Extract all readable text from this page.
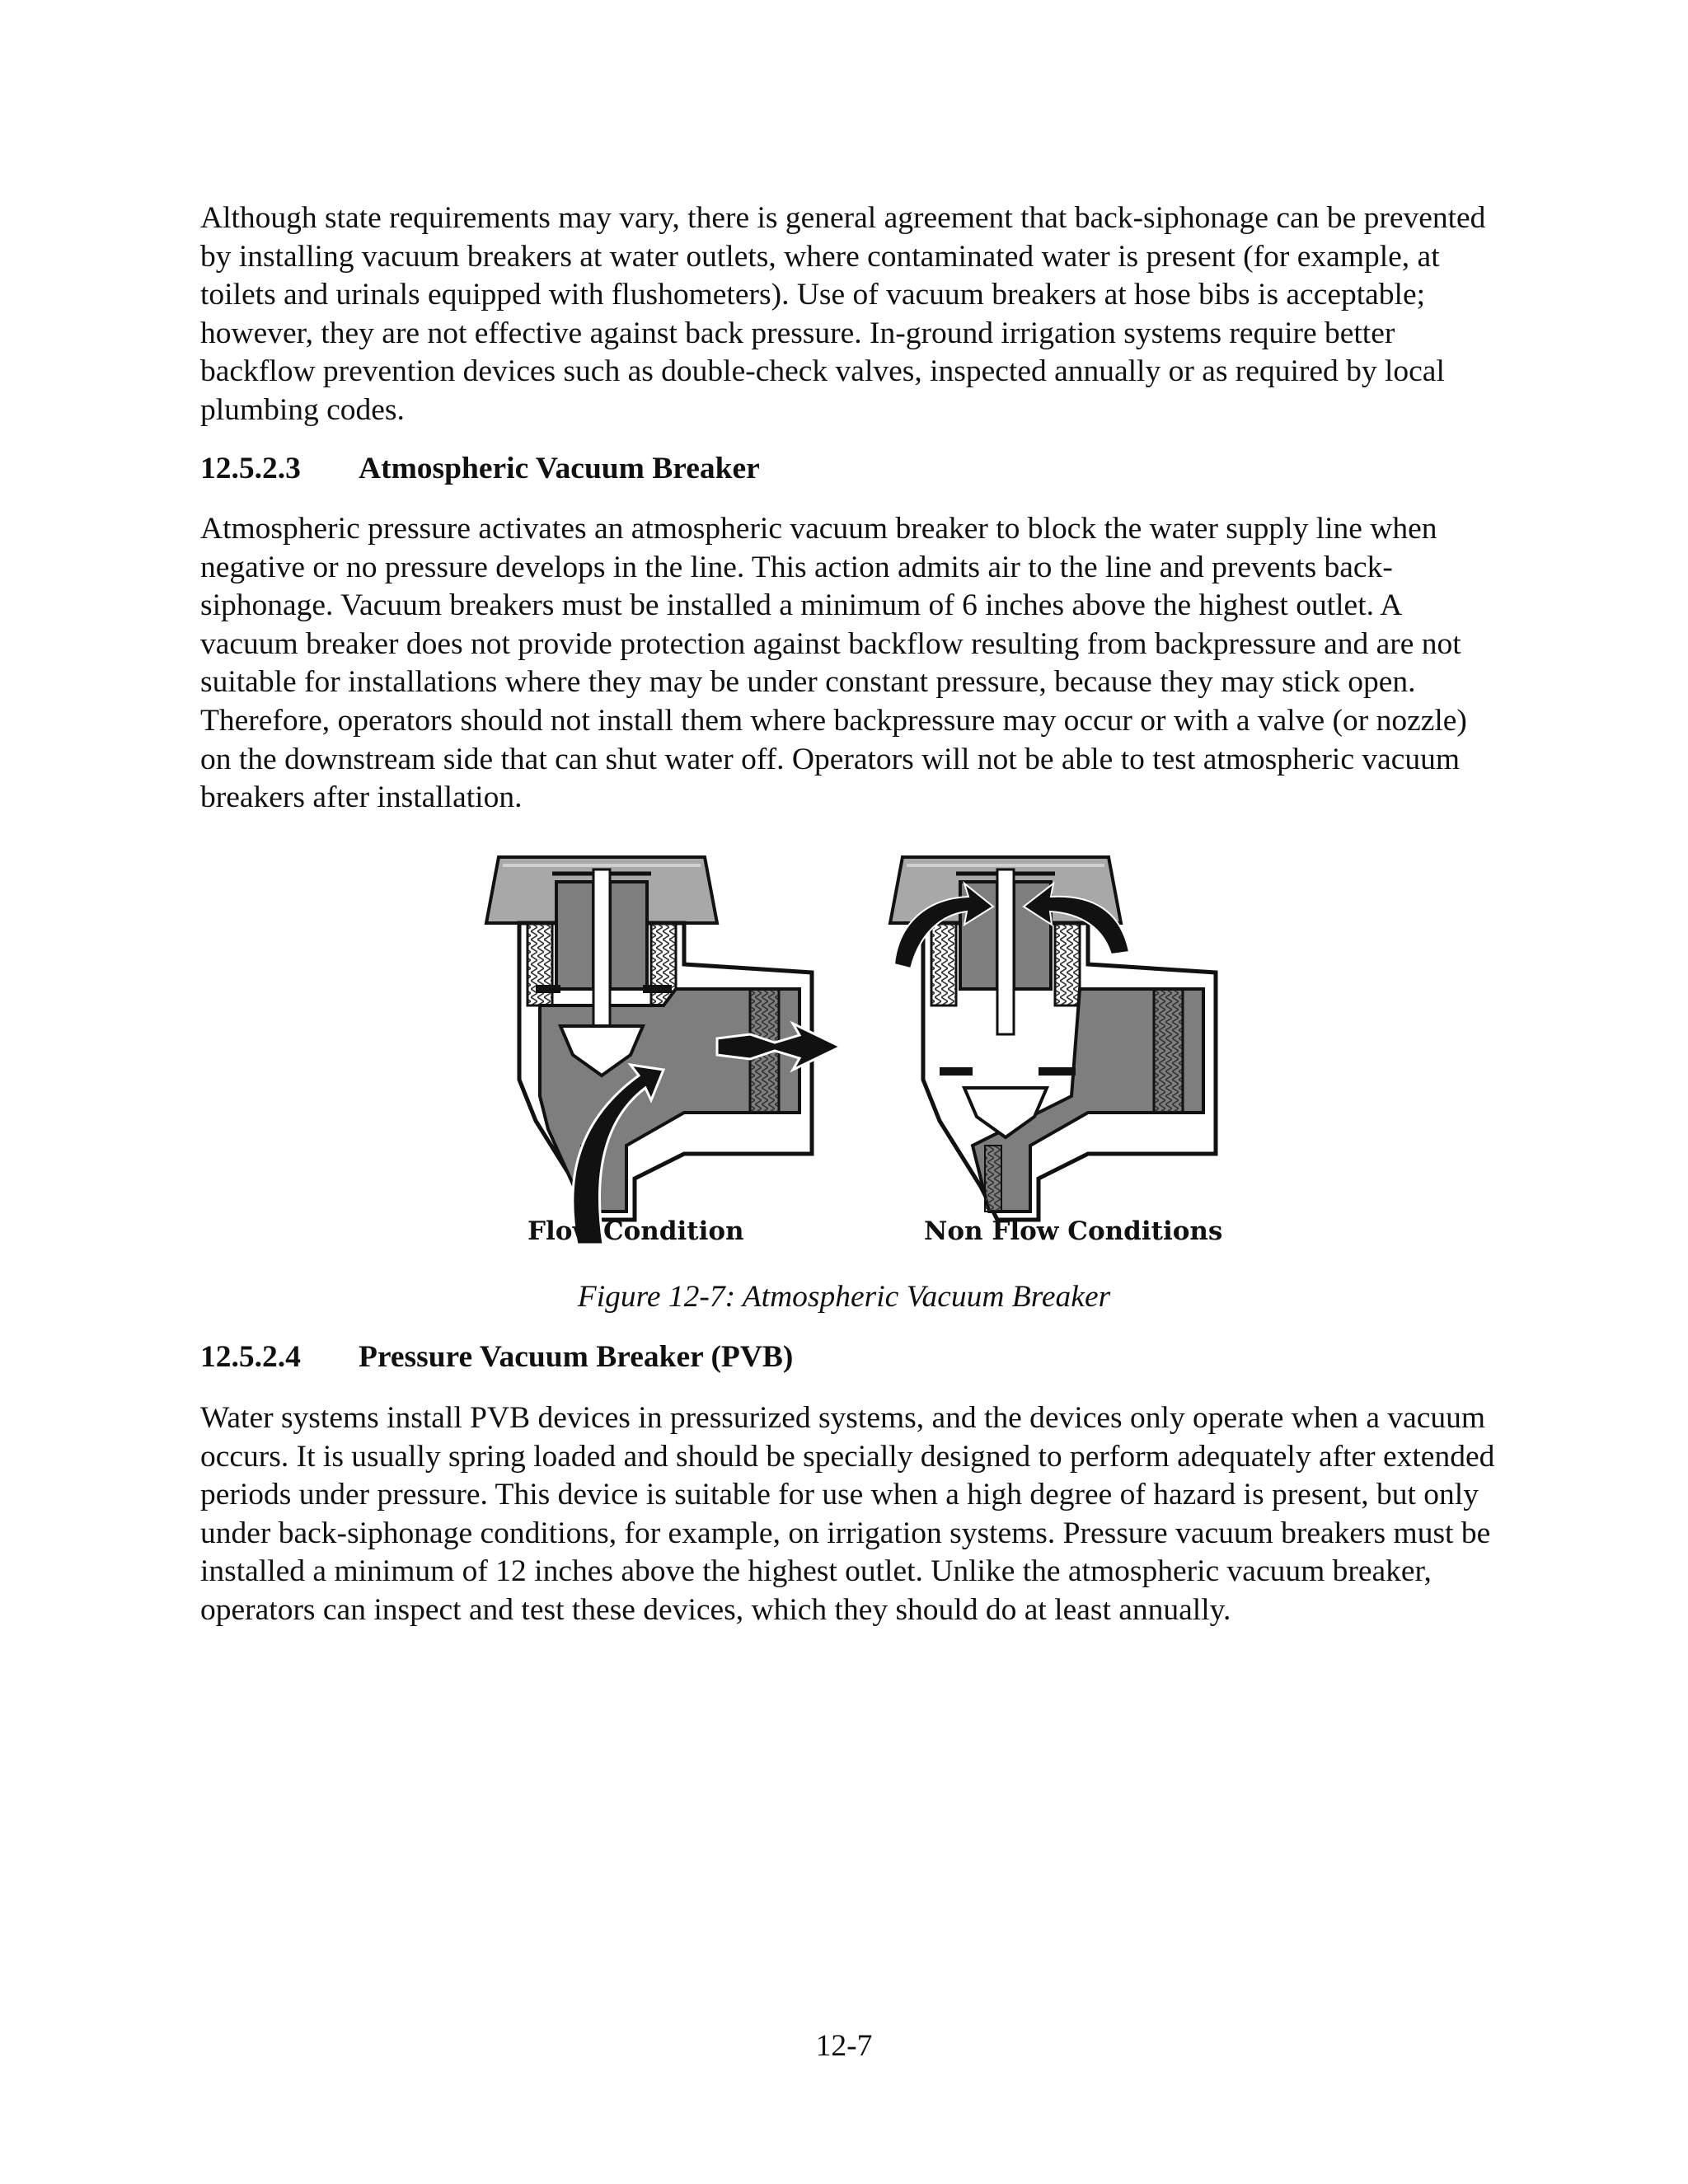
Although state requirements may vary, there is general agreement that back-siphonage can be prevented by installing vacuum breakers at water outlets, where contaminated water is present (for example, at toilets and urinals equipped with flushometers). Use of vacuum breakers at hose bibs is acceptable; however, they are not effective against back pressure. In-ground irrigation systems require better backflow prevention devices such as double-check valves, inspected annually or as required by local plumbing codes.

12.5.2.3 Atmospheric Vacuum Breaker

Atmospheric pressure activates an atmospheric vacuum breaker to block the water supply line when negative or no pressure develops in the line. This action admits air to the line and prevents back-siphonage. Vacuum breakers must be installed a minimum of 6 inches above the highest outlet. A vacuum breaker does not provide protection against backflow resulting from backpressure and are not suitable for installations where they may be under constant pressure, because they may stick open. Therefore, operators should not install them where backpressure may occur or with a valve (or nozzle) on the downstream side that can shut water off. Operators will not be able to test atmospheric vacuum breakers after installation.

Flow Condition	Non Flow Conditions
Figure 12-7: Atmospheric Vacuum Breaker
12.5.2.4 Pressure Vacuum Breaker (PVB)

Water systems install PVB devices in pressurized systems, and the devices only operate when a vacuum occurs. It is usually spring loaded and should be specially designed to perform adequately after extended periods under pressure. This device is suitable for use when a high degree of hazard is present, but only under back-siphonage conditions, for example, on irrigation systems. Pressure vacuum breakers must be installed a minimum of 12 inches above the highest outlet. Unlike the atmospheric vacuum breaker, operators can inspect and test these devices, which they should do at least annually.

12-7
